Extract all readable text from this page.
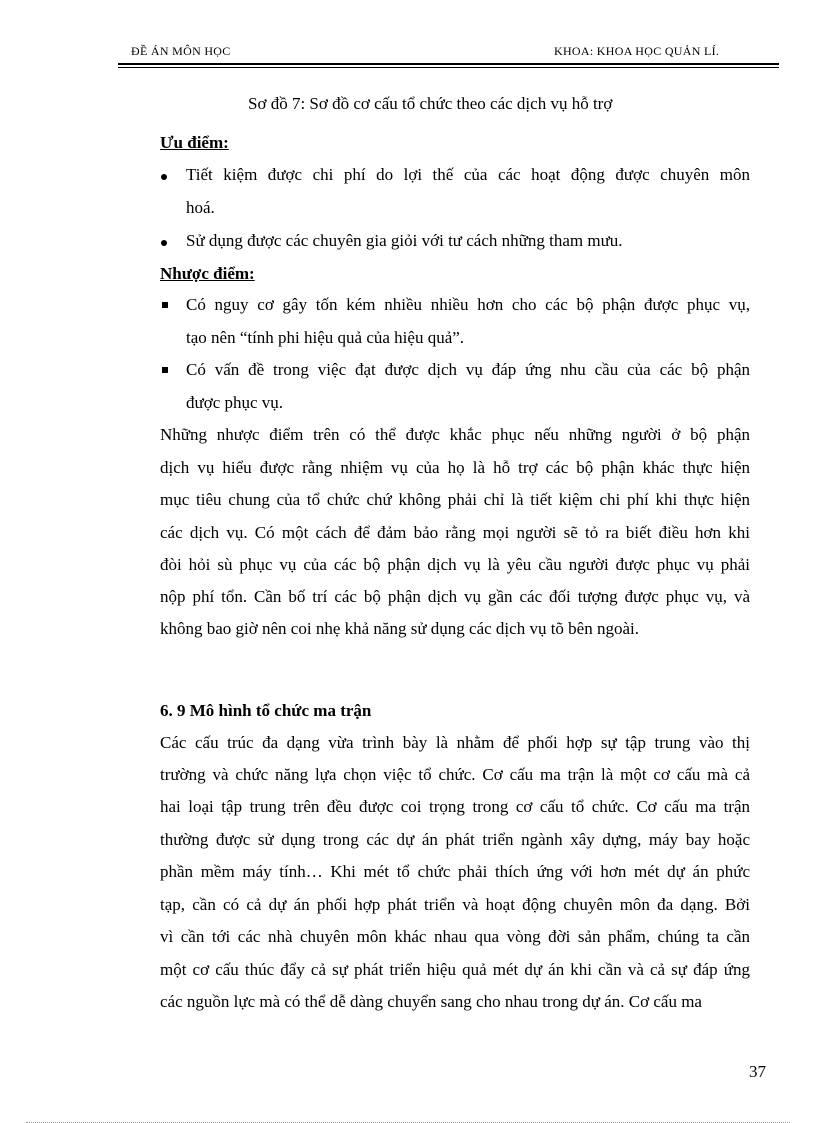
ĐỀ ÁN MÔN HỌC	KHOA: KHOA HỌC QUẢN LÍ.
Sơ đồ 7: Sơ đồ cơ cấu tổ chức theo các dịch vụ hỗ trợ
Ưu điểm:
Tiết kiệm được chi phí do lợi thế của các hoạt động được chuyên môn
hoá.
Sử dụng được các chuyên gia giỏi với tư cách những tham mưu.
Nhược điểm:
Có nguy cơ gây tốn kém nhiều nhiều hơn cho các bộ phận được phục vụ,
tạo nên “tính phi hiệu quả của hiệu quả”.
Có vấn đề trong việc đạt được dịch vụ đáp ứng nhu cầu của các bộ phận
được phục vụ.
Những nhược điểm trên có thể được khắc phục nếu những người ở bộ phận
dịch vụ hiểu được rằng nhiệm vụ của họ là hỗ trợ các bộ phận khác thực hiện
mục tiêu chung của tổ chức chứ không phải chỉ là tiết kiệm chi phí khi thực hiện
các dịch vụ. Có một cách để đảm bảo rằng mọi người sẽ tỏ ra biết điều hơn khi
đòi hỏi sù phục vụ của các bộ phận dịch vụ là yêu cầu người được phục vụ phải
nộp phí tổn. Cần bố trí các bộ phận dịch vụ gần các đối tượng được phục vụ, và
không bao giờ nên coi nhẹ khả năng sử dụng các dịch vụ tõ bên ngoài.
6. 9 Mô hình tổ chức ma trận
Các cấu trúc đa dạng vừa trình bày là nhằm để phối hợp sự tập trung vào thị
trường và chức năng lựa chọn việc tổ chức. Cơ cấu ma trận là một cơ cấu mà cả
hai loại tập trung trên đều được coi trọng trong cơ cấu tổ chức. Cơ cấu ma trận
thường được sử dụng trong các dự án phát triển ngành xây dựng, máy bay hoặc
phần mềm máy tính… Khi mét tổ chức phải thích ứng với hơn mét dự án phức
tạp, cần có cả dự án phối hợp phát triển và hoạt động chuyên môn đa dạng. Bởi
vì cần tới các nhà chuyên môn khác nhau qua vòng đời sản phẩm, chúng ta cần
một cơ cấu thúc đẩy cả sự phát triển hiệu quả mét dự án khi cần và cả sự đáp ứng
các nguồn lực mà có thể dễ dàng chuyển sang cho nhau trong dự án. Cơ cấu ma
37
